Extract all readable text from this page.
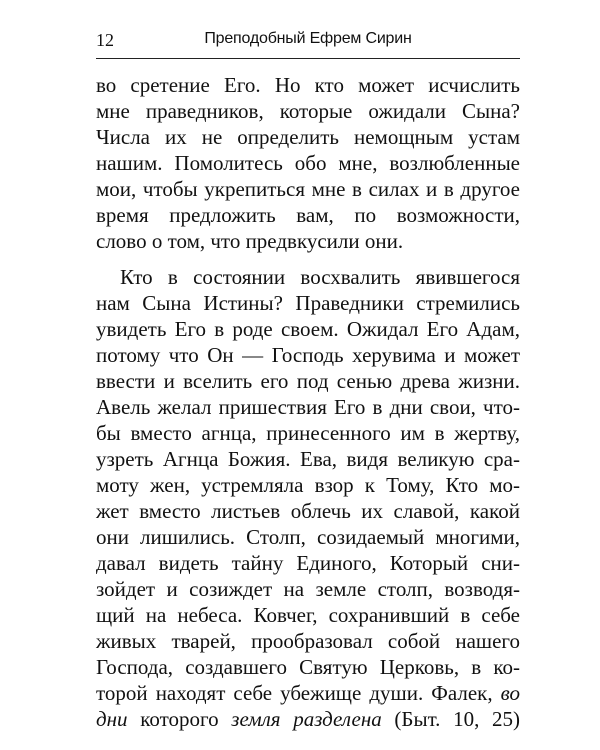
12	Преподобный Ефрем Сирин
во сретение Его. Но кто может исчислить
мне праведников, которые ожидали Сына?
Числа их не определить немощным устам
нашим. Помолитесь обо мне, возлюбленные
мои, чтобы укрепиться мне в силах и в другое
время предложить вам, по возможности,
слово о том, что предвкусили они.
Кто в состоянии восхвалить явившегося
нам Сына Истины? Праведники стремились
увидеть Его в роде своем. Ожидал Его Адам,
потому что Он — Господь херувима и может
ввести и вселить его под сенью древа жизни.
Авель желал пришествия Его в дни свои, что-
бы вместо агнца, принесенного им в жертву,
узреть Агнца Божия. Ева, видя великую сра-
моту жен, устремляла взор к Тому, Кто мо-
жет вместо листьев облечь их славой, какой
они лишились. Столп, созидаемый многими,
давал видеть тайну Единого, Который сни-
зойдет и созиждет на земле столп, возводя-
щий на небеса. Ковчег, сохранивший в себе
живых тварей, прообразовал собой нашего
Господа, создавшего Святую Церковь, в ко-
торой находят себе убежище души. Фалек, во
дни которого земля разделена (Быт. 10, 25)
